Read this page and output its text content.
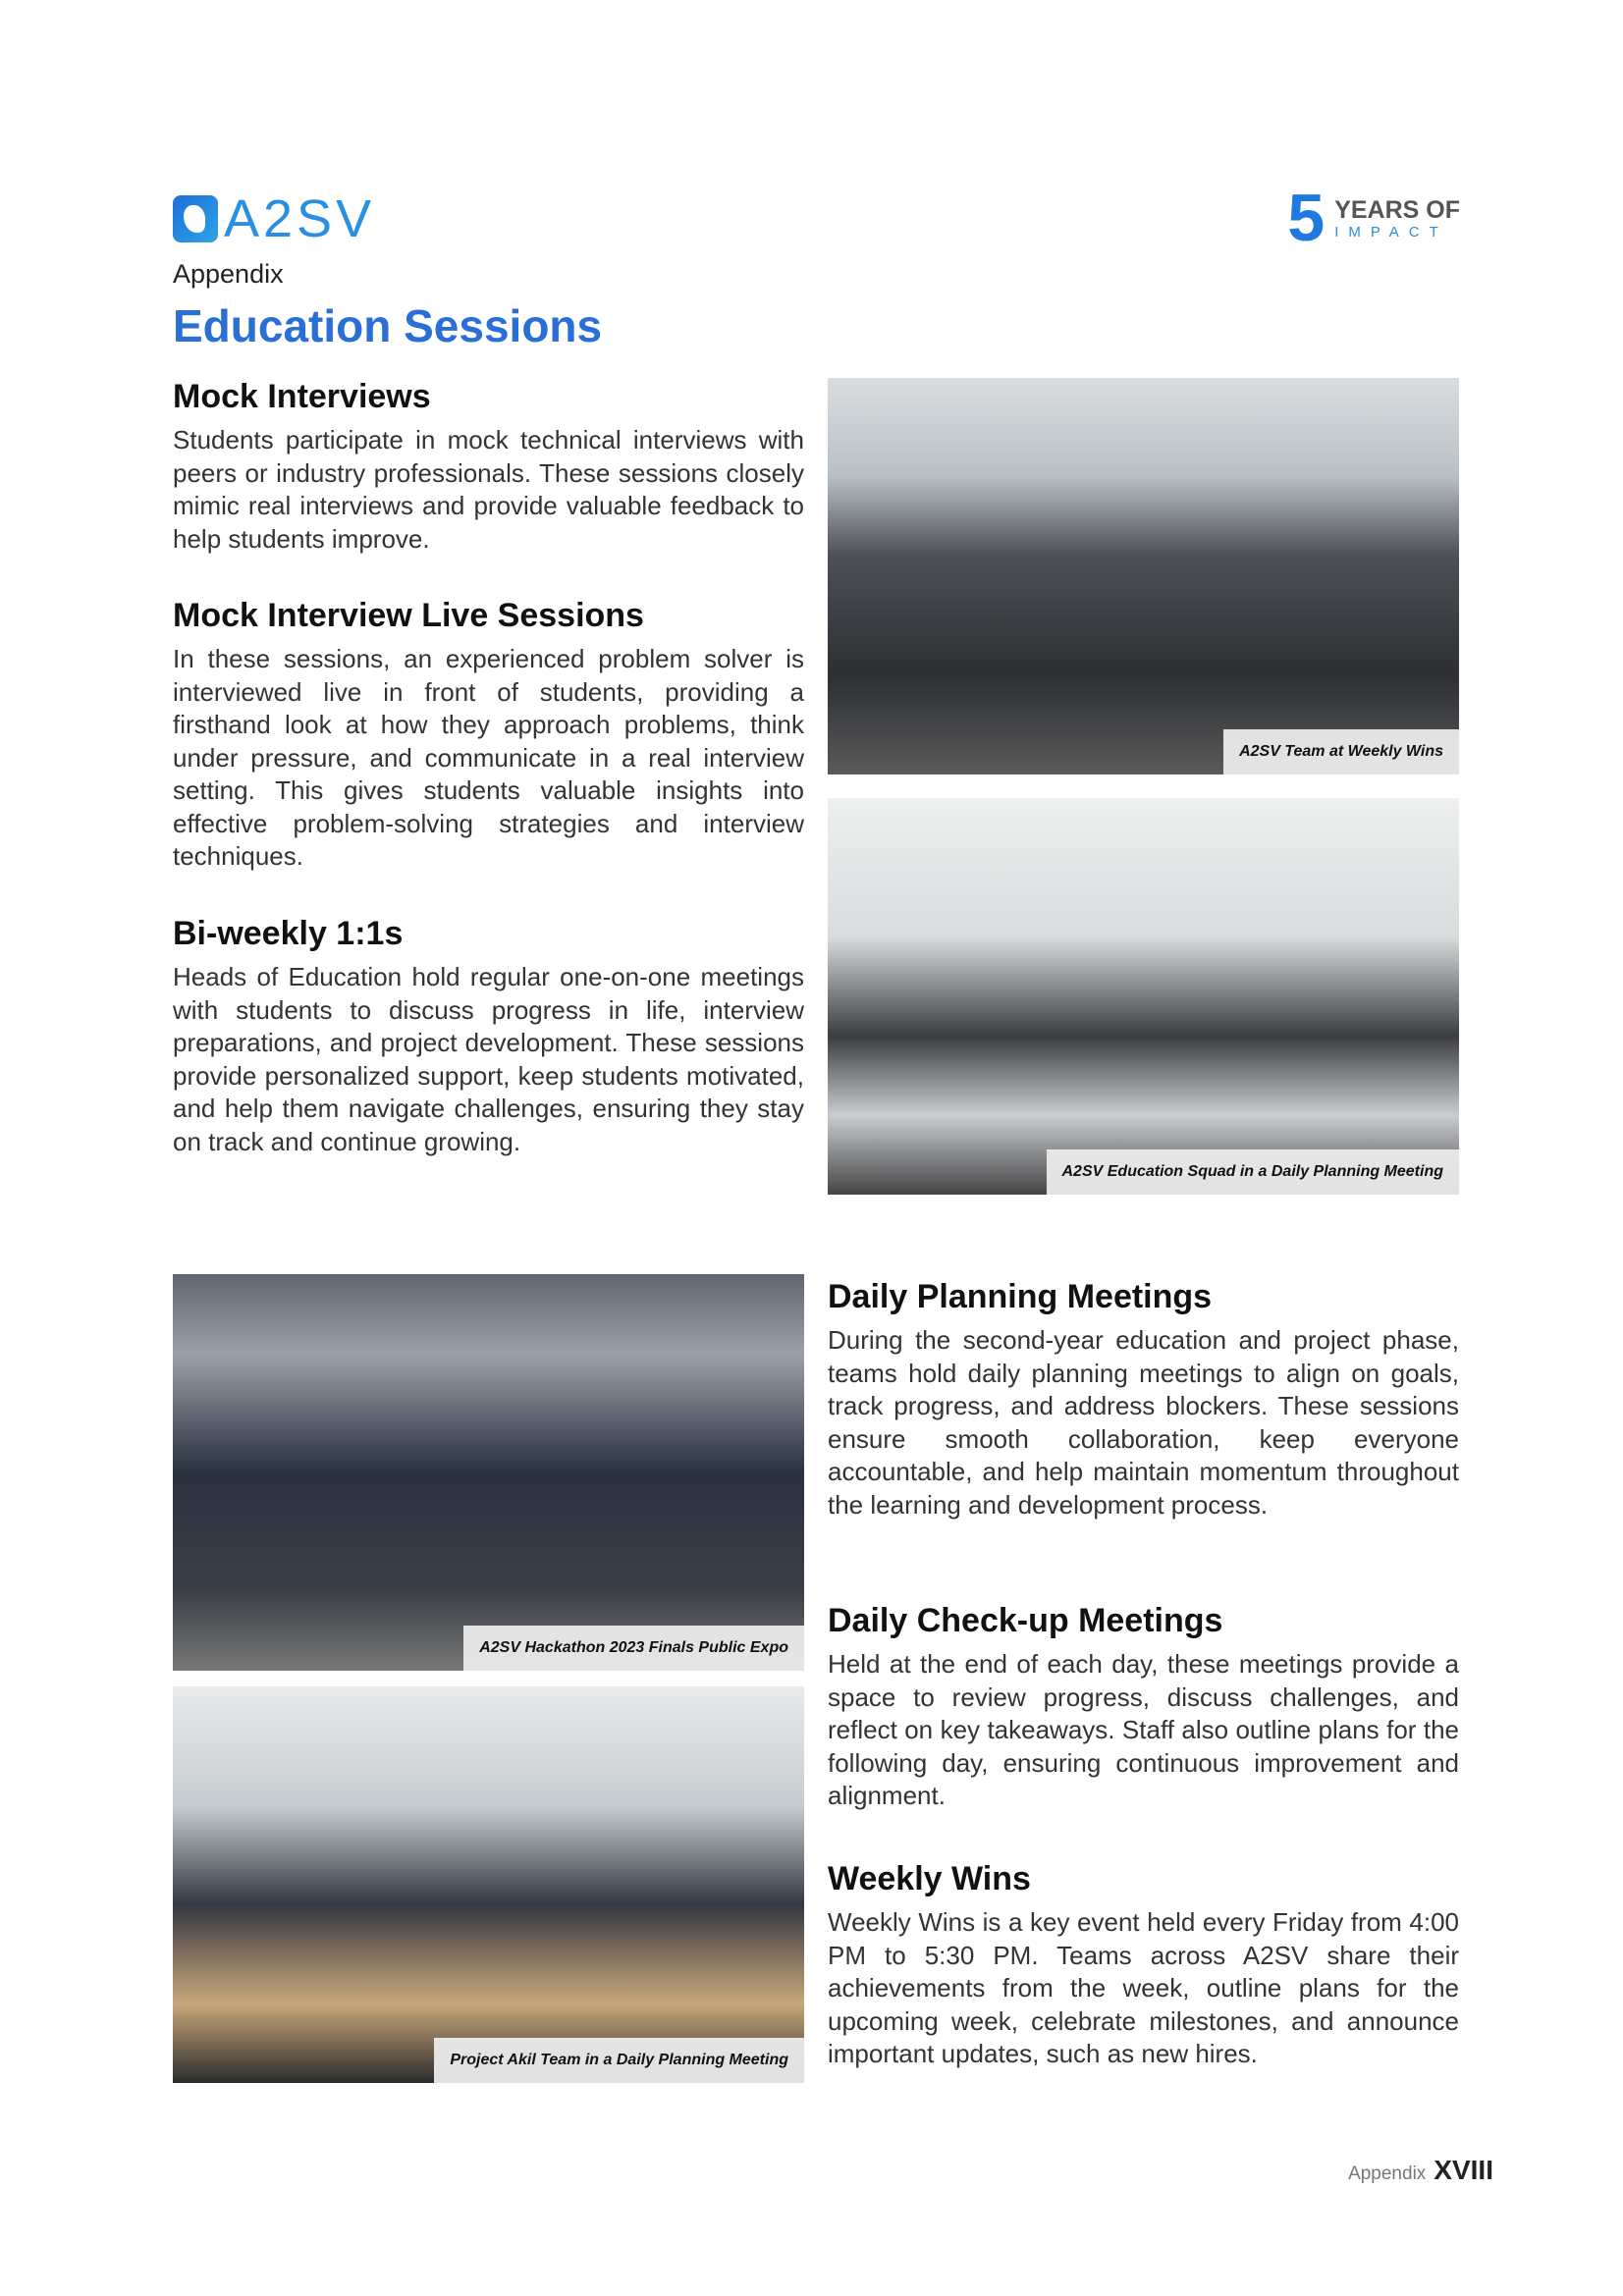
A2SV	5 YEARS OF
IMPACT
Appendix
Education Sessions
Mock Interviews

Students participate in mock technical interviews with peers or industry professionals. These sessions closely mimic real interviews and provide valuable feedback to help students improve.

Mock Interview Live Sessions

In these sessions, an experienced problem solver is interviewed live in front of students, providing a firsthand look at how they approach problems, think under pressure, and communicate in a real interview setting. This gives students valuable insights into effective problem-solving strategies and interview techniques.

Bi-weekly 1:1s

Heads of Education hold regular one-on-one meetings with students to discuss progress in life, interview preparations, and project development. These sessions provide personalized support, keep students motivated, and help them navigate challenges, ensuring they stay on track and continue growing.

Daily Planning Meetings

During the second-year education and project phase, teams hold daily planning meetings to align on goals, track progress, and address blockers. These sessions ensure smooth collaboration, keep everyone accountable, and help maintain momentum throughout the learning and development process.

Daily Check-up Meetings

Held at the end of each day, these meetings provide a space to review progress, discuss challenges, and reflect on key takeaways. Staff also outline plans for the following day, ensuring continuous improvement and alignment.

Weekly Wins

Weekly Wins is a key event held every Friday from 4:00 PM to 5:30 PM. Teams across A2SV share their achievements from the week, outline plans for the upcoming week, celebrate milestones, and announce important updates, such as new hires.

A2SV Team at Weekly Wins
A2SV Education Squad in a Daily Planning Meeting
A2SV Hackathon 2023 Finals Public Expo
Project Akil Team in a Daily Planning Meeting
Appendix XVIII
